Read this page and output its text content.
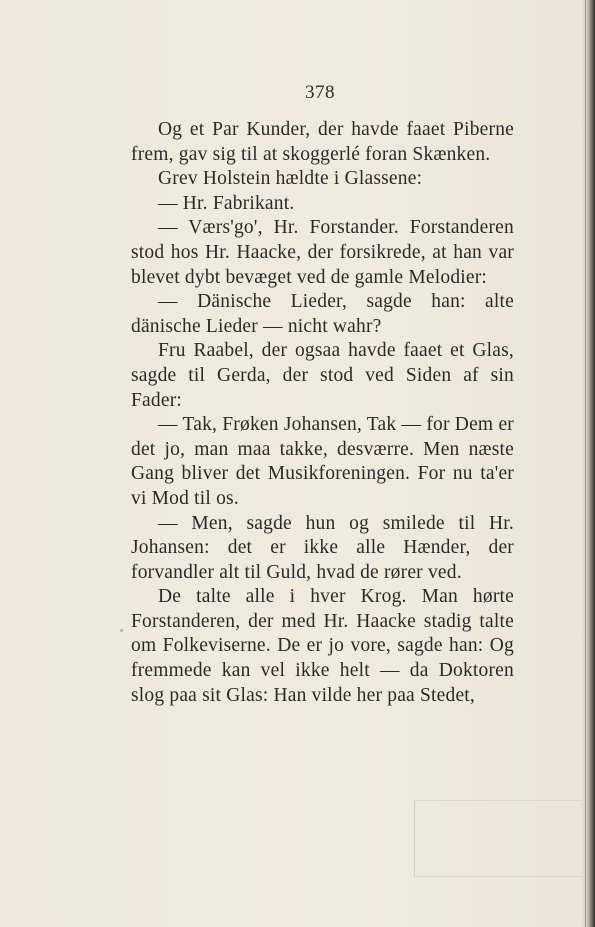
378

Og et Par Kunder, der havde faaet Piberne frem, gav sig til at skoggerlé foran Skænken.

Grev Holstein hældte i Glassene:

— Hr. Fabrikant.

— Værs'go', Hr. Forstander. Forstanderen stod hos Hr. Haacke, der forsikrede, at han var blevet dybt bevæget ved de gamle Melodier:

— Dänische Lieder, sagde han: alte dänische Lieder — nicht wahr?

Fru Raabel, der ogsaa havde faaet et Glas, sagde til Gerda, der stod ved Siden af sin Fader:

— Tak, Frøken Johansen, Tak — for Dem er det jo, man maa takke, desværre. Men næste Gang bliver det Musikforeningen. For nu ta'er vi Mod til os.

— Men, sagde hun og smilede til Hr. Johansen: det er ikke alle Hænder, der forvandler alt til Guld, hvad de rører ved.

De talte alle i hver Krog. Man hørte Forstanderen, der med Hr. Haacke stadig talte om Folkeviserne. De er jo vore, sagde han: Og fremmede kan vel ikke helt — da Doktoren slog paa sit Glas: Han vilde her paa Stedet,
